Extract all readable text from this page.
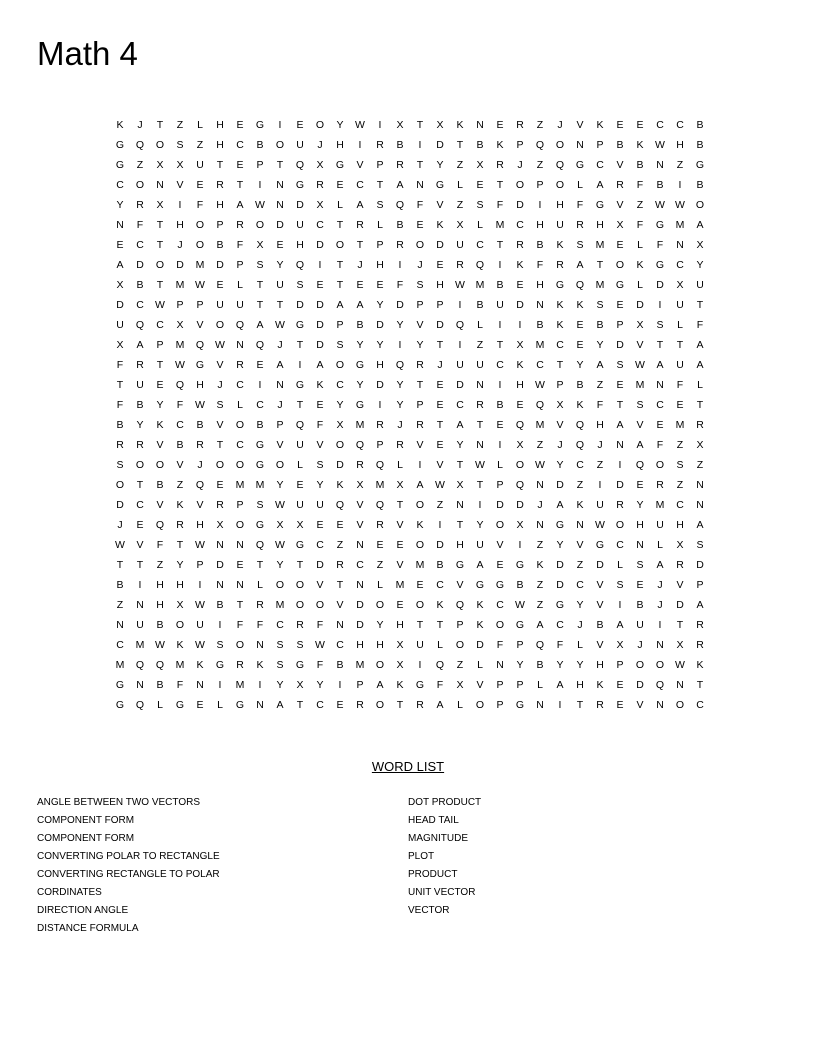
Math 4
K	J	T	Z	L	H	E	G	I	E	O	Y	W	I	X	T	X	K	N	E	R	Z	J	V	K	E	E	C	C	B
G	Q	O	S	Z	H	C	B	O	U	J	H	I	R	B	I	D	T	B	K	P	Q	O	N	P	B	K	W	H	B
G	Z	X	X	U	T	E	P	T	Q	X	G	V	P	R	T	Y	Z	X	R	J	Z	Q	G	C	V	B	N	Z	G
C	O	N	V	E	R	T	I	N	G	R	E	C	T	A	N	G	L	E	T	O	P	O	L	A	R	F	B	I	B
Y	R	X	I	F	H	A	W	N	D	X	L	A	S	Q	F	V	Z	S	F	D	I	H	F	G	V	Z	W W	O
N	F	T	H	O	P	R	O	D	U	C	T	R	L	B	E	K	X	L	M	C	H	U	R	H	X	F	G	M	A
E	C	T	J	O	B	F	X	E	H	D	O	T	P	R	O	D	U	C	T	R	B	K	S	M	E	L	F	N	X
A	D	O	D	M	D	P	S	Y	Q	I	T	J	H	I	J	E	R	Q	I	K	F	R	A	T	O	K	G	C	Y
X	B	T	M	W	E	L	T	U	S	E	T	E	E	F	S	H	W	M	B	E	H	G	Q	M	G	L	D	X	U
D	C	W	P	P	U	U	T	T	D	D	A	A	Y	D	P	P	I	B	U	D	N	K	K	S	E	D	I	U	T
U	Q	C	X	V	O	Q	A	W	G	D	P	B	D	Y	V	D	Q	L	I	I	B	K	E	B	P	X	S	L	F
X	A	P	M	Q	W	N	Q	J	T	D	S	Y	Y	I	Y	T	I	Z	T	X	M	C	E	Y	D	V	T	T	A
F	R	T	W	G	V	R	E	A	I	A	O	G	H	Q	R	J	U	U	C	K	C	T	Y	A	S	W	A	U	A
T	U	E	Q	H	J	C	I	N	G	K	C	Y	D	Y	T	E	D	N	I	H	W	P	B	Z	E	M	N	F	L
F	B	Y	F	W	S	L	C	J	T	E	Y	G	I	Y	P	E	C	R	B	E	Q	X	K	F	T	S	C	E	T
B	Y	K	C	B	V	O	B	P	Q	F	X	M	R	J	R	T	A	T	E	Q	M	V	Q	H	A	V	E	M	R
R	R	V	B	R	T	C	G	V	U	V	O	Q	P	R	V	E	Y	N	I	X	Z	J	Q	J	N	A	F	Z	X
S	O	O	V	J	O	O	G	O	L	S	D	R	Q	L	I	V	T	W	L	O	W	Y	C	Z	I	Q	O	S	Z
O	T	B	Z	Q	E	M	M	Y	E	Y	K	X	M	X	A	W	X	T	P	Q	N	D	Z	I	D	E	R	Z	N
D	C	V	K	V	R	P	S	W	U	U	Q	V	Q	T	O	Z	N	I	D	D	J	A	K	U	R	Y	M	C	N
J	E	Q	R	H	X	O	G	X	X	E	E	V	R	V	K	I	T	Y	O	X	N	G	N	W	O	H	U	H	A
W	V	F	T	W	N	N	Q	W	G	C	Z	N	E	E	O	D	H	U	V	I	Z	Y	V	G	C	N	L	X	S
T	T	Z	Y	P	D	E	T	Y	T	D	R	C	Z	V	M	B	G	A	E	G	K	D	Z	D	L	S	A	R	D
B	I	H	H	I	N	N	L	O	O	V	T	N	L	M	E	C	V	G	G	B	Z	D	C	V	S	E	J	V	P
Z	N	H	X	W	B	T	R	M	O	O	V	D	O	E	O	K	Q	K	C	W	Z	G	Y	V	I	B	J	D	A
N	U	B	O	U	I	F	F	C	R	F	N	D	Y	H	T	T	P	K	O	G	A	C	J	B	A	U	I	T	R
C	M	W	K	W	S	O	N	S	S	W	C	H	H	X	U	L	O	D	F	P	Q	F	L	V	X	J	N	X	R
M	Q	Q	M	K	G	R	K	S	G	F	B	M	O	X	I	Q	Z	L	N	Y	B	Y	Y	H	P	O	O	W	K
G	N	B	F	N	I	M	I	Y	X	Y	I	P	A	K	G	F	X	V	P	P	L	A	H	K	E	D	Q	N	T
G	Q	L	G	E	L	G	N	A	T	C	E	R	O	T	R	A	L	O	P	G	N	I	T	R	E	V	N	O	C
WORD LIST
ANGLE BETWEEN TWO VECTORS
COMPONENT FORM
COMPONENT FORM
CONVERTING POLAR TO RECTANGLE
CONVERTING RECTANGLE TO POLAR
CORDINATES
DIRECTION ANGLE
DISTANCE FORMULA
DOT PRODUCT
HEAD TAIL
MAGNITUDE
PLOT
PRODUCT
UNIT VECTOR
VECTOR
